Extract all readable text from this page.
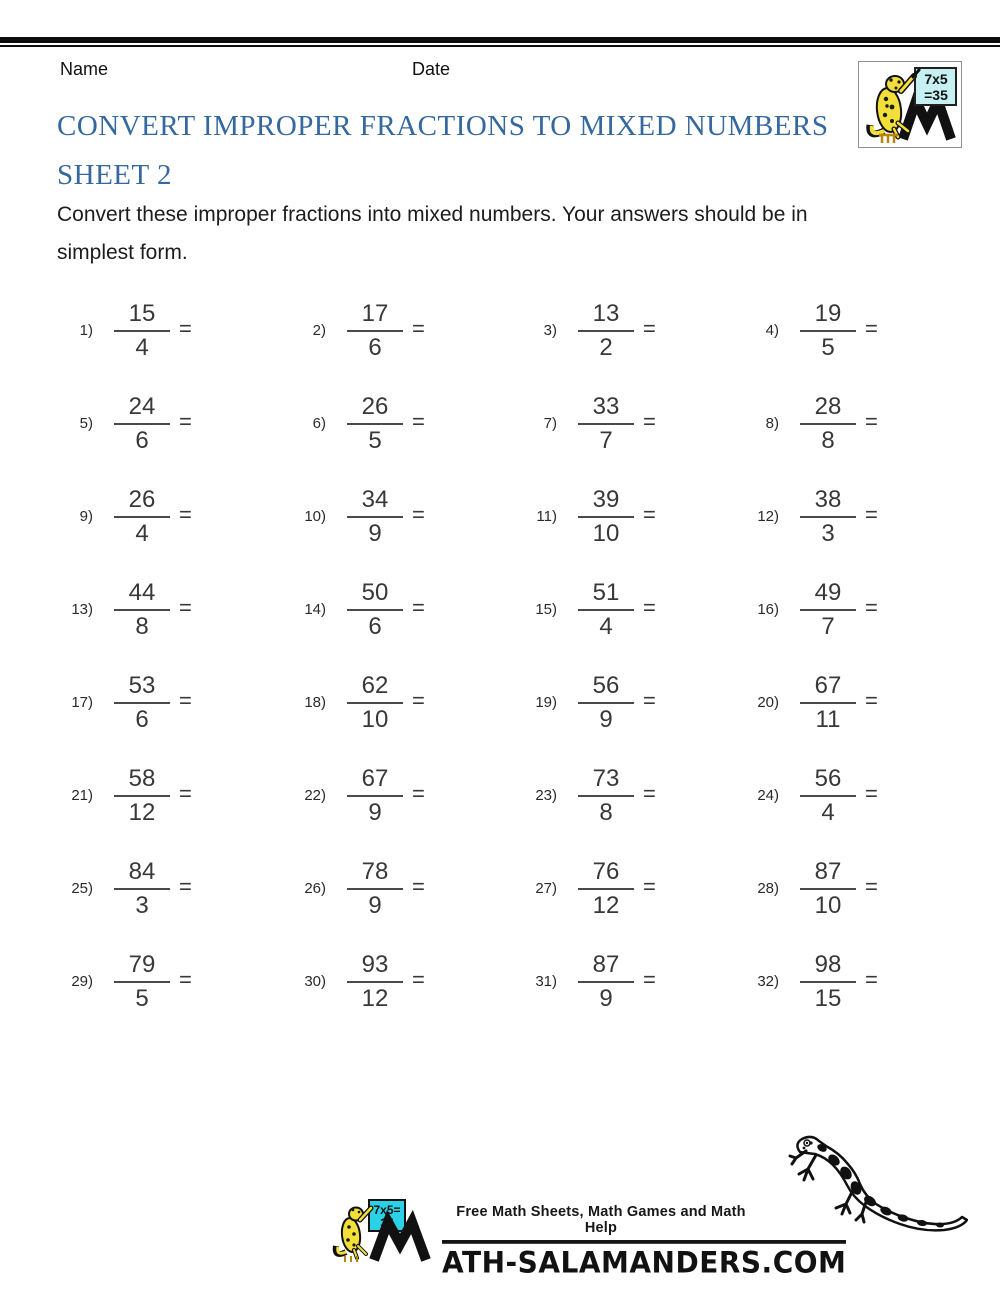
Name	Date	7x5
=35
CONVERT IMPROPER FRACTIONS TO MIXED NUMBERS
SHEET 2
Convert these improper fractions into mixed numbers. Your answers should be in
simplest form.
$1) \frac{15}{4}$ =	$2) \frac{17}{6}$ =	$3) \frac{13}{2}$ =	$4) \frac{19}{5}$ =
$5) \frac{24}{6}$ =	$6) \frac{26}{5}$ =	$7) \frac{33}{7}$ =	$8) \frac{28}{8}$ =
$9) \frac{26}{4}$ =	$10) \frac{34}{9}$ =	$11) \frac{39}{10}$ =	$12) \frac{38}{3}$ =
$13) \frac{44}{8}$ =	$14) \frac{50}{6}$ =	$15) \frac{51}{4}$ =	$16) \frac{49}{7}$ =
$17) \frac{53}{6}$ =	$18) \frac{62}{10}$ =	$19) \frac{56}{9}$ =	$20) \frac{67}{11}$ =
$21) \frac{58}{12}$ =	$22) \frac{67}{9}$ =	$23) \frac{73}{8}$ =	$24) \frac{56}{4}$ =
$25) \frac{84}{3}$ =	$26) \frac{78}{9}$ =	$27) \frac{76}{12}$ =	$28) \frac{87}{10}$ =
$29) \frac{79}{5}$ =	$30) \frac{93}{12}$ =	$31) \frac{87}{9}$ =	$32) \frac{98}{15}$ =
7x5=
35
Free Math Sheets, Math Games and Math Help
ATH-SALAMANDERS.COM
